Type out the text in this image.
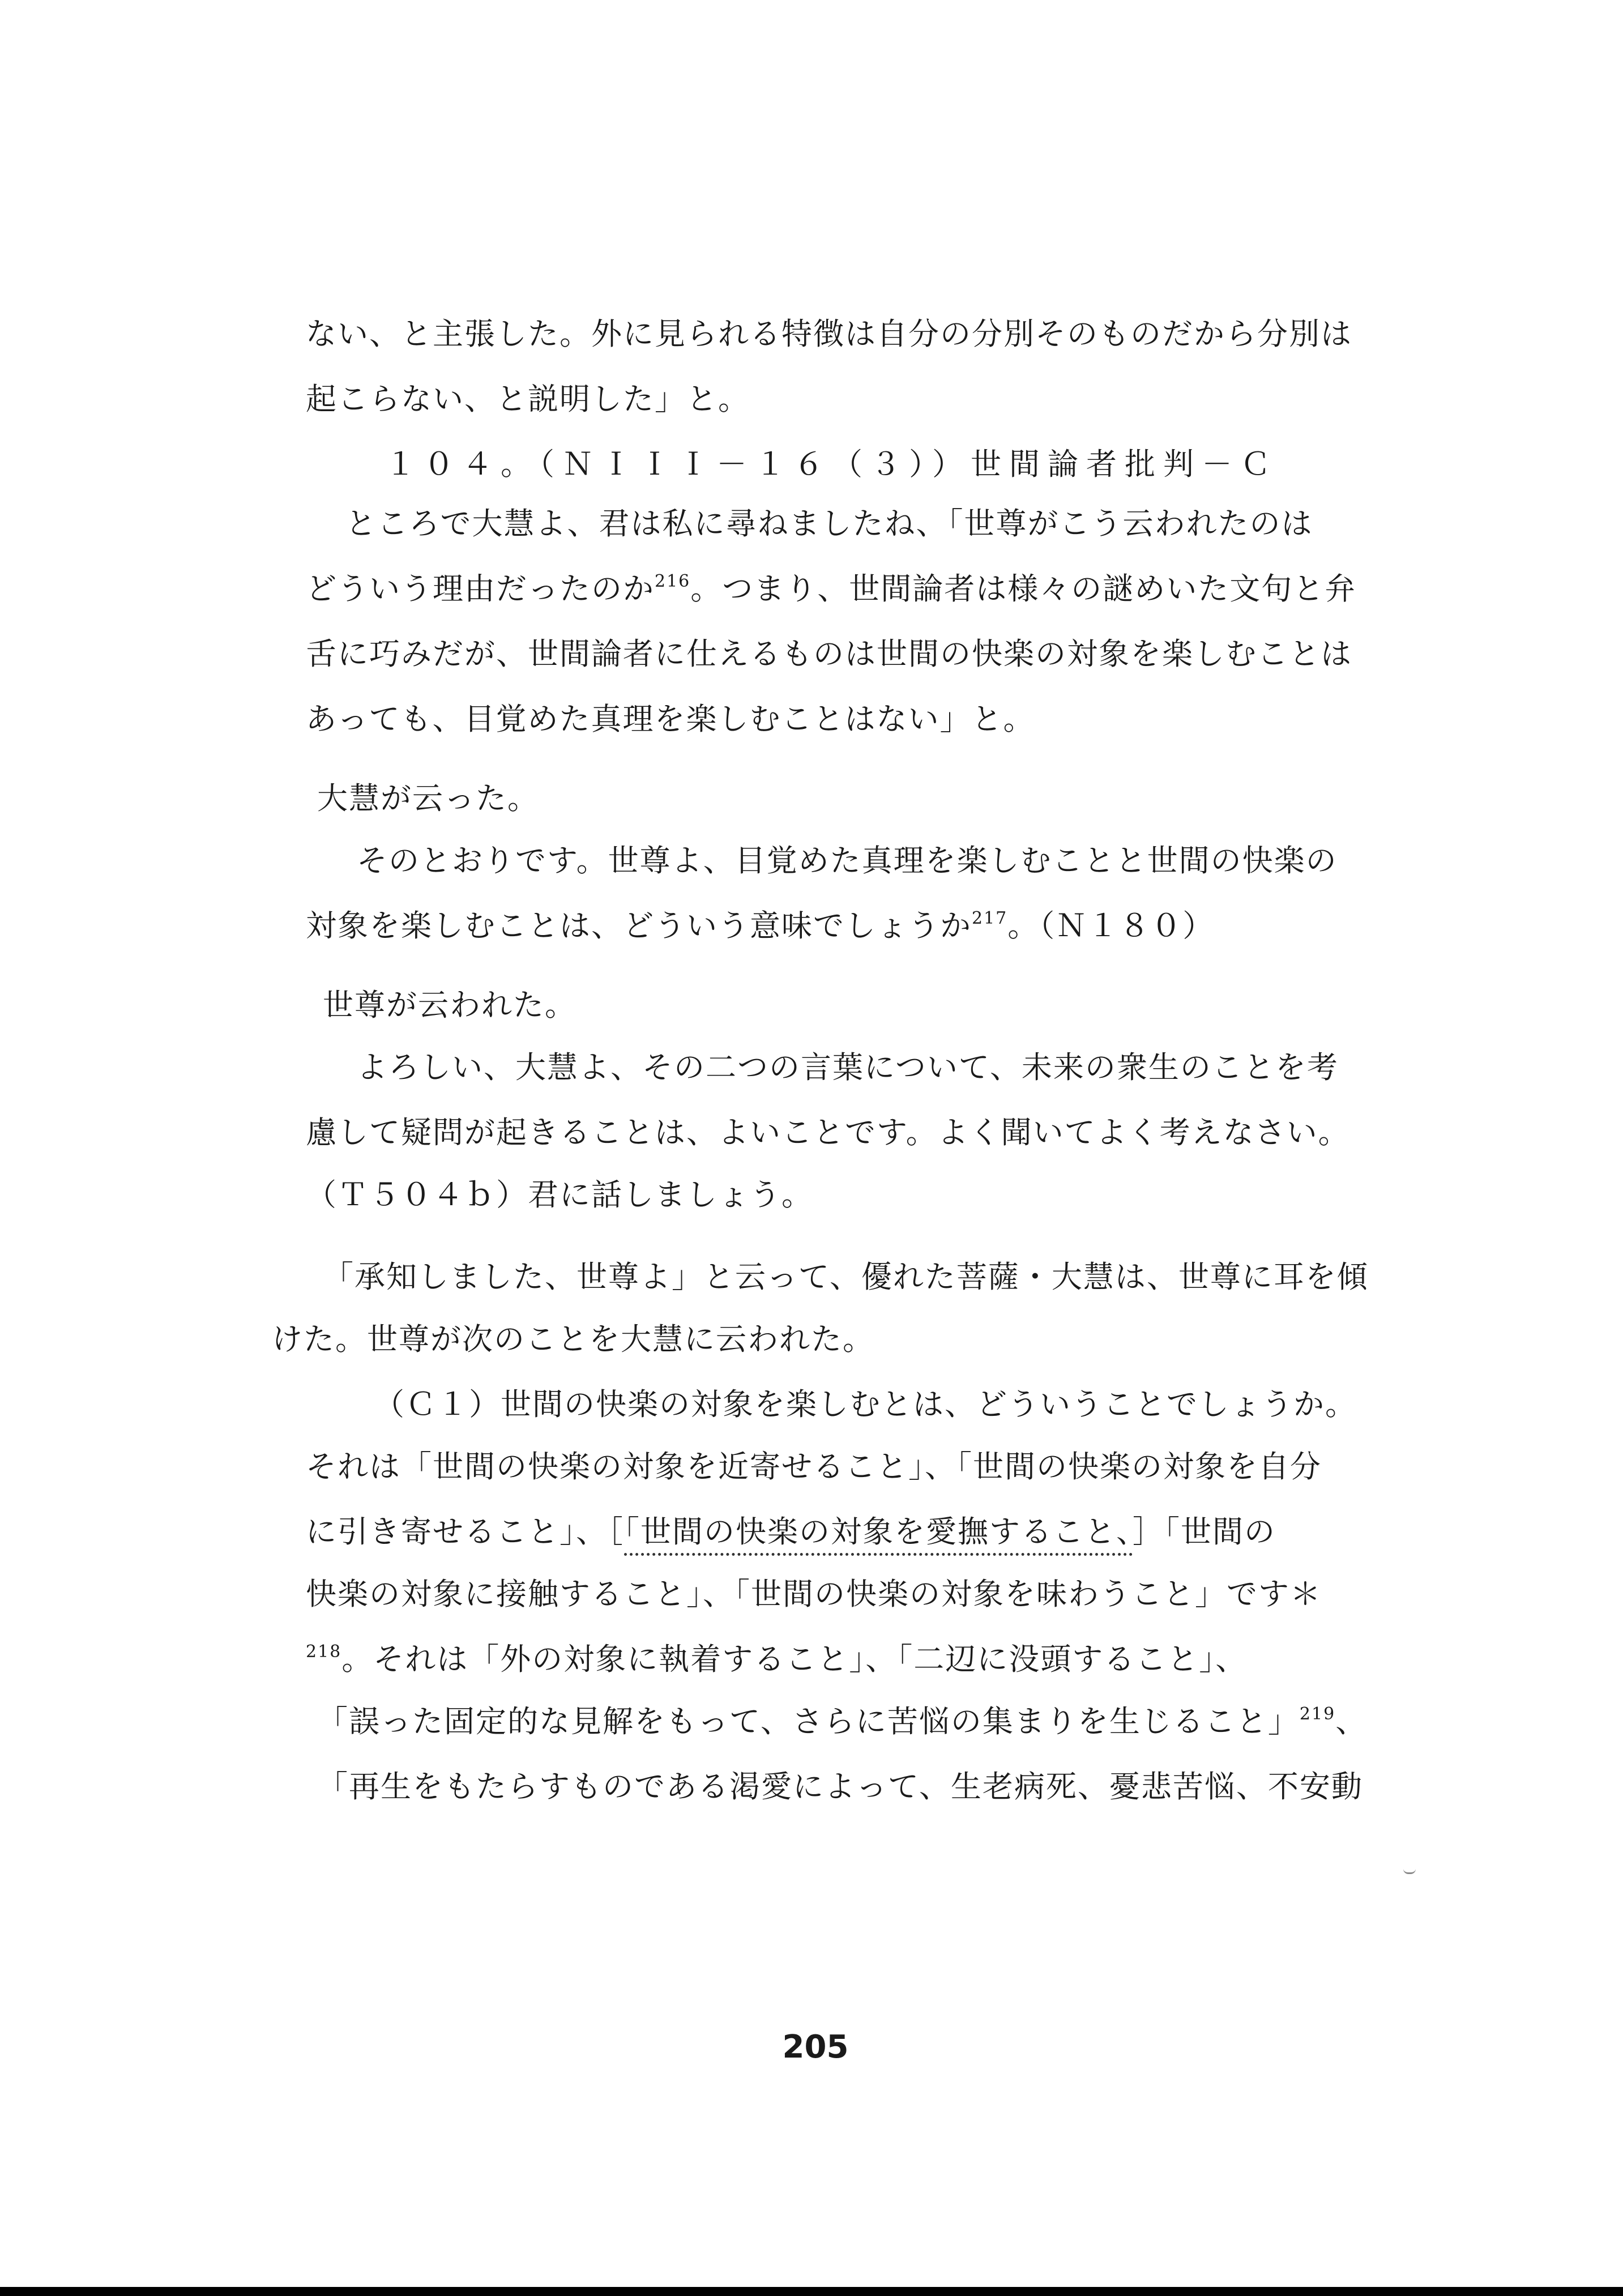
ない、と主張した。外に見られる特徴は自分の分別そのものだから分別は

起こらない、と説明した」と。

１０４。（ＮＩＩＩ－１６（３））世間論者批判－Ｃ

ところで大慧よ、君は私に尋ねましたね、「世尊がこう云われたのは

どういう理由だったのか$^{216}$。つまり、世間論者は様々の謎めいた文句と弁

舌に巧みだが、世間論者に仕えるものは世間の快楽の対象を楽しむことは

あっても、目覚めた真理を楽しむことはない」と。

大慧が云った。

そのとおりです。世尊よ、目覚めた真理を楽しむことと世間の快楽の

対象を楽しむことは、どういう意味でしょうか$^{217}$。（Ｎ１８０）

世尊が云われた。

よろしい、大慧よ、その二つの言葉について、未来の衆生のことを考

慮して疑問が起きることは、よいことです。よく聞いてよく考えなさい。

（Ｔ５０４ｂ）君に話しましょう。

「承知しました、世尊よ」と云って、優れた菩薩・大慧は、世尊に耳を傾

けた。世尊が次のことを大慧に云われた。

（Ｃ１）世間の快楽の対象を楽しむとは、どういうことでしょうか。

それは「世間の快楽の対象を近寄せること」、「世間の快楽の対象を自分

に引き寄せること」、［「世間の快楽の対象を愛撫すること、］「世間の

快楽の対象に接触すること」、「世間の快楽の対象を味わうこと」です＊

$^{218}$。それは「外の対象に執着すること」、「二辺に没頭すること」、

「誤った固定的な見解をもって、さらに苦悩の集まりを生じること」$^{219}$、

「再生をもたらすものである渇愛によって、生老病死、憂悲苦悩、不安動

205
